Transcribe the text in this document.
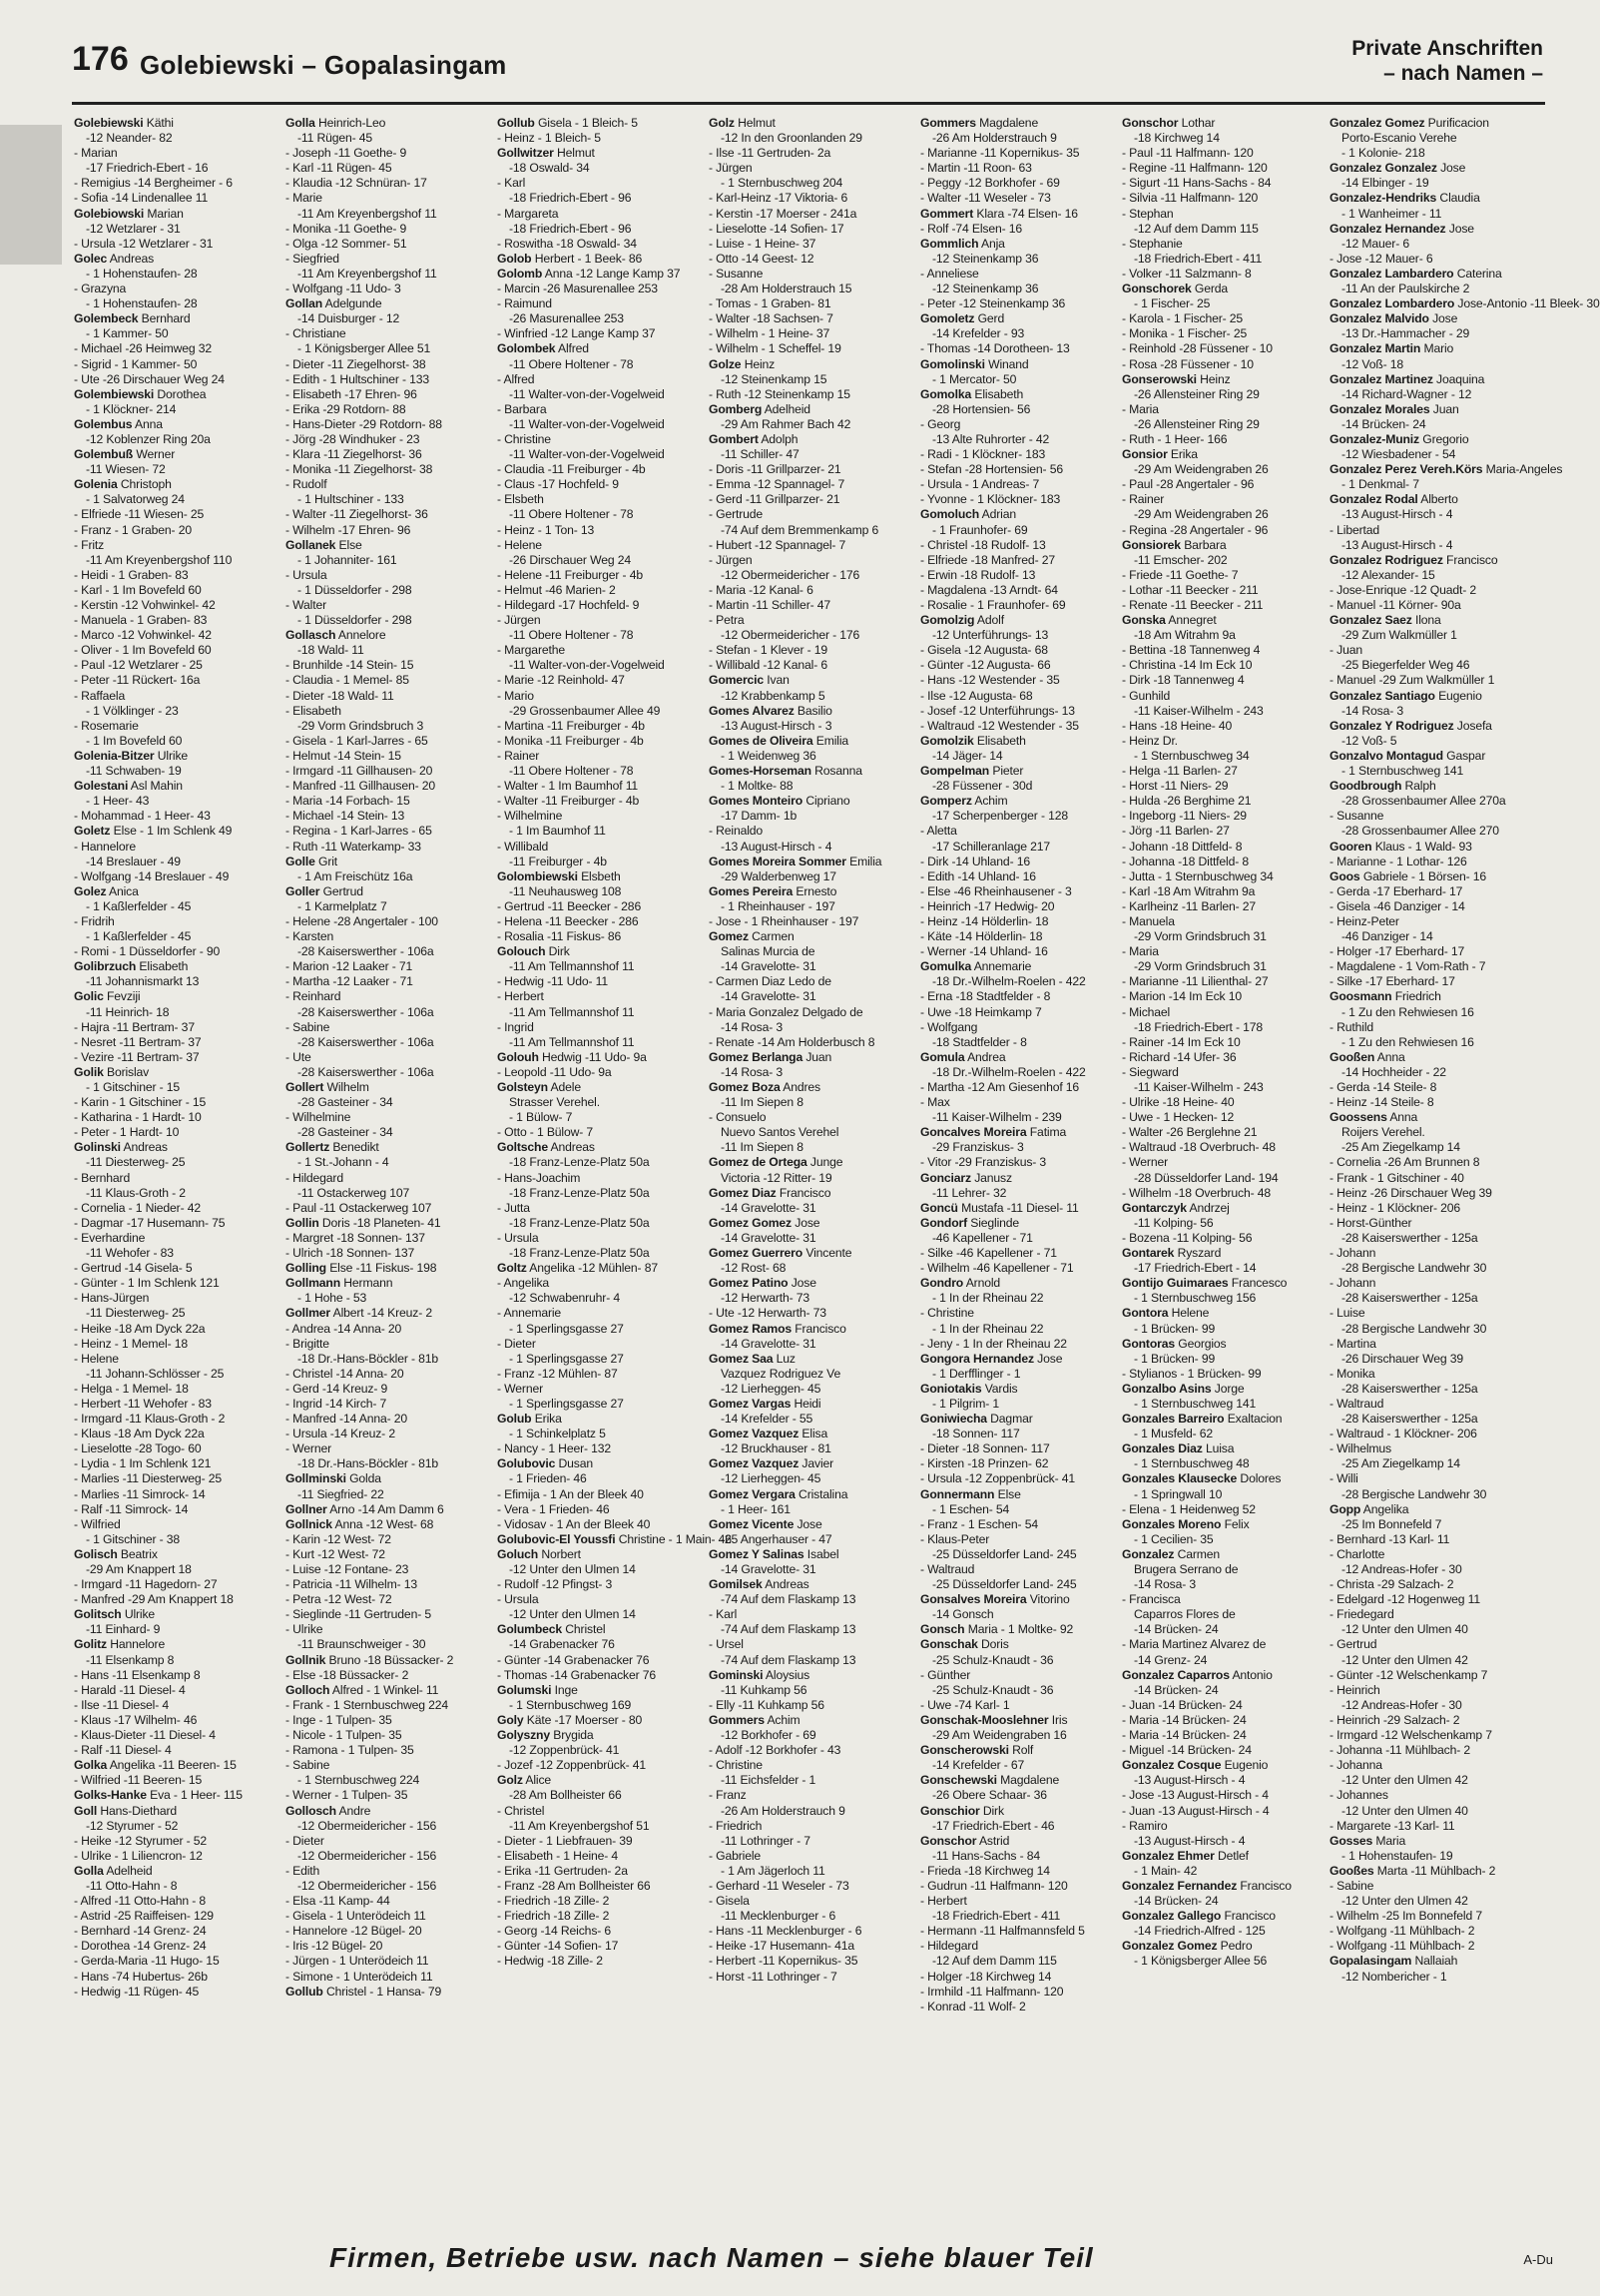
176 Golebiewski – Gopalasingam
Private Anschriften
– nach Namen –
Golebiewski Käthi
-12 Neander- 82
- Marian
-17 Friedrich-Ebert - 16
- Remigius -14 Bergheimer - 6
- Sofia -14 Lindenallee 11
Golebiowski Marian
-12 Wetzlarer - 31
- Ursula -12 Wetzlarer - 31
Golec Andreas
- 1 Hohenstaufen- 28
- Grazyna
- 1 Hohenstaufen- 28
Golembeck Bernhard
- 1 Kammer- 50
- Michael -26 Heimweg 32
- Sigrid - 1 Kammer- 50
- Ute -26 Dirschauer Weg 24
Golembiewski Dorothea
- 1 Klöckner- 214
Golembus Anna
-12 Koblenzer Ring 20a
Golembuß Werner
-11 Wiesen- 72
Golenia Christoph
- 1 Salvatorweg 24
- Elfriede -11 Wiesen- 25
- Franz - 1 Graben- 20
- Fritz
-11 Am Kreyenbergshof 110
- Heidi - 1 Graben- 83
- Karl - 1 Im Bovefeld 60
- Kerstin -12 Vohwinkel- 42
- Manuela - 1 Graben- 83
- Marco -12 Vohwinkel- 42
- Oliver - 1 Im Bovefeld 60
- Paul -12 Wetzlarer - 25
- Peter -11 Rückert- 16a
- Raffaela
- 1 Völklinger - 23
- Rosemarie
- 1 Im Bovefeld 60
Golenia-Bitzer Ulrike
-11 Schwaben- 19
Golestani Asl Mahin
- 1 Heer- 43
- Mohammad - 1 Heer- 43
Goletz Else - 1 Im Schlenk 49
- Hannelore
-14 Breslauer - 49
- Wolfgang -14 Breslauer - 49
Golez Anica
- 1 Kaßlerfelder - 45
- Fridrih
- 1 Kaßlerfelder - 45
- Romi - 1 Düsseldorfer - 90
Golibrzuch Elisabeth
-11 Johannismarkt 13
Golic Fevziji
-11 Heinrich- 18
- Hajra -11 Bertram- 37
- Nesret -11 Bertram- 37
- Vezire -11 Bertram- 37
Golik Borislav
- 1 Gitschiner - 15
- Karin - 1 Gitschiner - 15
- Katharina - 1 Hardt- 10
- Peter - 1 Hardt- 10
Golinski Andreas
-11 Diesterweg- 25
- Bernhard
-11 Klaus-Groth - 2
- Cornelia - 1 Nieder- 42
- Dagmar -17 Husemann- 75
- Everhardine
-11 Wehofer - 83
- Gertrud -14 Gisela- 5
- Günter - 1 Im Schlenk 121
- Hans-Jürgen
-11 Diesterweg- 25
- Heike -18 Am Dyck 22a
- Heinz - 1 Memel- 18
- Helene
-11 Johann-Schlösser - 25
- Helga - 1 Memel- 18
- Herbert -11 Wehofer - 83
- Irmgard -11 Klaus-Groth - 2
- Klaus -18 Am Dyck 22a
- Lieselotte -28 Togo- 60
- Lydia - 1 Im Schlenk 121
- Marlies -11 Diesterweg- 25
- Marlies -11 Simrock- 14
- Ralf -11 Simrock- 14
- Wilfried
- 1 Gitschiner - 38
Golisch Beatrix
-29 Am Knappert 18
- Irmgard -11 Hagedorn- 27
- Manfred -29 Am Knappert 18
Golitsch Ulrike
-11 Einhard- 9
Golitz Hannelore
-11 Elsenkamp 8
- Hans -11 Elsenkamp 8
- Harald -11 Diesel- 4
- Ilse -11 Diesel- 4
- Klaus -17 Wilhelm- 46
- Klaus-Dieter -11 Diesel- 4
- Ralf -11 Diesel- 4
Golka Angelika -11 Beeren- 15
- Wilfried -11 Beeren- 15
Golks-Hanke Eva - 1 Heer- 115
Goll Hans-Diethard
-12 Styrumer - 52
- Heike -12 Styrumer - 52
- Ulrike - 1 Liliencron- 12
Golla Adelheid
-11 Otto-Hahn - 8
- Alfred -11 Otto-Hahn - 8
- Astrid -25 Raiffeisen- 129
- Bernhard -14 Grenz- 24
- Dorothea -14 Grenz- 24
- Gerda-Maria -11 Hugo- 15
- Hans -74 Hubertus- 26b
- Hedwig -11 Rügen- 45
Golla Heinrich-Leo
-11 Rügen- 45
- Joseph -11 Goethe- 9
- Karl -11 Rügen- 45
- Klaudia -12 Schnüran- 17
- Marie
-11 Am Kreyenbergshof 11
- Monika -11 Goethe- 9
- Olga -12 Sommer- 51
- Siegfried
-11 Am Kreyenbergshof 11
- Wolfgang -11 Udo- 3
Gollan Adelgunde
-14 Duisburger - 12
- Christiane
- 1 Königsberger Allee 51
- Dieter -11 Ziegelhorst- 38
- Edith - 1 Hultschiner - 133
- Elisabeth -17 Ehren- 96
- Erika -29 Rotdorn- 88
- Hans-Dieter -29 Rotdorn- 88
- Jörg -28 Windhuker - 23
- Klara -11 Ziegelhorst- 36
- Monika -11 Ziegelhorst- 38
- Rudolf
- 1 Hultschiner - 133
- Walter -11 Ziegelhorst- 36
- Wilhelm -17 Ehren- 96
Gollanek Else
- 1 Johanniter- 161
- Ursula
- 1 Düsseldorfer - 298
- Walter
- 1 Düsseldorfer - 298
Gollasch Annelore
-18 Wald- 11
- Brunhilde -14 Stein- 15
- Claudia - 1 Memel- 85
- Dieter -18 Wald- 11
- Elisabeth
-29 Vorm Grindsbruch 3
- Gisela - 1 Karl-Jarres - 65
- Helmut -14 Stein- 15
- Irmgard -11 Gillhausen- 20
- Manfred -11 Gillhausen- 20
- Maria -14 Forbach- 15
- Michael -14 Stein- 13
- Regina - 1 Karl-Jarres - 65
- Ruth -11 Waterkamp- 33
Golle Grit
- 1 Am Freischütz 16a
Goller Gertrud
- 1 Karmelplatz 7
- Helene -28 Angertaler - 100
- Karsten
-28 Kaiserswerther - 106a
- Marion -12 Laaker - 71
- Martha -12 Laaker - 71
- Reinhard
-28 Kaiserswerther - 106a
- Sabine
-28 Kaiserswerther - 106a
- Ute
-28 Kaiserswerther - 106a
Gollert Wilhelm
-28 Gasteiner - 34
- Wilhelmine
-28 Gasteiner - 34
Gollertz Benedikt
- 1 St.-Johann - 4
- Hildegard
-11 Ostackerweg 107
- Paul -11 Ostackerweg 107
Gollin Doris -18 Planeten- 41
- Margret -18 Sonnen- 137
- Ulrich -18 Sonnen- 137
Golling Else -11 Fiskus- 198
Gollmann Hermann
- 1 Hohe - 53
Gollmer Albert -14 Kreuz- 2
- Andrea -14 Anna- 20
- Brigitte
-18 Dr.-Hans-Böckler - 81b
- Christel -14 Anna- 20
- Gerd -14 Kreuz- 9
- Ingrid -14 Kirch- 7
- Manfred -14 Anna- 20
- Ursula -14 Kreuz- 2
- Werner
-18 Dr.-Hans-Böckler - 81b
Gollminski Golda
-11 Siegfried- 22
Gollner Arno -14 Am Damm 6
Gollnick Anna -12 West- 68
- Karin -12 West- 72
- Kurt -12 West- 72
- Luise -12 Fontane- 23
- Patricia -11 Wilhelm- 13
- Petra -12 West- 72
- Sieglinde -11 Gertruden- 5
- Ulrike
-11 Braunschweiger - 30
Gollnik Bruno -18 Büssacker- 2
- Else -18 Büssacker- 2
Golloch Alfred - 1 Winkel- 11
- Frank - 1 Sternbuschweg 224
- Inge - 1 Tulpen- 35
- Nicole - 1 Tulpen- 35
- Ramona - 1 Tulpen- 35
- Sabine
- 1 Sternbuschweg 224
- Werner - 1 Tulpen- 35
Gollosch Andre
-12 Obermeidericher - 156
- Dieter
-12 Obermeidericher - 156
- Edith
-12 Obermeidericher - 156
- Elsa -11 Kamp- 44
- Gisela - 1 Unterödeich 11
- Hannelore -12 Bügel- 20
- Iris -12 Bügel- 20
- Jürgen - 1 Unterödeich 11
- Simone - 1 Unterödeich 11
Gollub Christel - 1 Hansa- 79
Gollub Gisela - 1 Bleich- 5
- Heinz - 1 Bleich- 5
Gollwitzer Helmut
-18 Oswald- 34
- Karl
-18 Friedrich-Ebert - 96
- Margareta
-18 Friedrich-Ebert - 96
- Roswitha -18 Oswald- 34
Golob Herbert - 1 Beek- 86
Golomb Anna -12 Lange Kamp 37
- Marcin -26 Masurenallee 253
- Raimund
-26 Masurenallee 253
- Winfried -12 Lange Kamp 37
Golombek Alfred
-11 Obere Holtener - 78
- Alfred
-11 Walter-von-der-Vogelweid
- Barbara
-11 Walter-von-der-Vogelweid
- Christine
-11 Walter-von-der-Vogelweid
- Claudia -11 Freiburger - 4b
- Claus -17 Hochfeld- 9
- Elsbeth
-11 Obere Holtener - 78
- Heinz - 1 Ton- 13
- Helene
-26 Dirschauer Weg 24
- Helene -11 Freiburger - 4b
- Helmut -46 Marien- 2
- Hildegard -17 Hochfeld- 9
- Jürgen
-11 Obere Holtener - 78
- Margarethe
-11 Walter-von-der-Vogelweid
- Marie -12 Reinhold- 47
- Mario
-29 Grossenbaumer Allee 49
- Martina -11 Freiburger - 4b
- Monika -11 Freiburger - 4b
- Rainer
-11 Obere Holtener - 78
- Walter - 1 Im Baumhof 11
- Walter -11 Freiburger - 4b
- Wilhelmine
- 1 Im Baumhof 11
- Willibald
-11 Freiburger - 4b
Golombiewski Elsbeth
-11 Neuhausweg 108
- Gertrud -11 Beecker - 286
- Helena -11 Beecker - 286
- Rosalia -11 Fiskus- 86
Golouch Dirk
-11 Am Tellmannshof 11
- Hedwig -11 Udo- 11
- Herbert
-11 Am Tellmannshof 11
- Ingrid
-11 Am Tellmannshof 11
Golouh Hedwig -11 Udo- 9a
- Leopold -11 Udo- 9a
Golsteyn Adele
Strasser Verehel.
- 1 Bülow- 7
- Otto - 1 Bülow- 7
Goltsche Andreas
-18 Franz-Lenze-Platz 50a
- Hans-Joachim
-18 Franz-Lenze-Platz 50a
- Jutta
-18 Franz-Lenze-Platz 50a
- Ursula
-18 Franz-Lenze-Platz 50a
Goltz Angelika -12 Mühlen- 87
- Angelika
-12 Schwabenruhr- 4
- Annemarie
- 1 Sperlingsgasse 27
- Dieter
- 1 Sperlingsgasse 27
- Franz -12 Mühlen- 87
- Werner
- 1 Sperlingsgasse 27
Golub Erika
- 1 Schinkelplatz 5
- Nancy - 1 Heer- 132
Golubovic Dusan
- 1 Frieden- 46
- Efimija - 1 An der Bleek 40
- Vera - 1 Frieden- 46
- Vidosav - 1 An der Bleek 40
Golubovic-El Youssfi Christine - 1 Main- 46
Goluch Norbert
-12 Unter den Ulmen 14
- Rudolf -12 Pfingst- 3
- Ursula
-12 Unter den Ulmen 14
Golumbeck Christel
-14 Grabenacker 76
- Günter -14 Grabenacker 76
- Thomas -14 Grabenacker 76
Golumski Inge
- 1 Sternbuschweg 169
Goly Käte -17 Moerser - 80
Golyszny Brygida
-12 Zoppenbrück- 41
- Jozef -12 Zoppenbrück- 41
Golz Alice
-28 Am Bollheister 66
- Christel
-11 Am Kreyenbergshof 51
- Dieter - 1 Liebfrauen- 39
- Elisabeth - 1 Heine- 4
- Erika -11 Gertruden- 2a
- Franz -28 Am Bollheister 66
- Friedrich -18 Zille- 2
- Friedrich -18 Zille- 2
- Georg -14 Reichs- 6
- Günter -14 Sofien- 17
- Hedwig -18 Zille- 2
Golz Helmut
-12 In den Groonlanden 29
- Ilse -11 Gertruden- 2a
- Jürgen
- 1 Sternbuschweg 204
- Karl-Heinz -17 Viktoria- 6
- Kerstin -17 Moerser - 241a
- Lieselotte -14 Sofien- 17
- Luise - 1 Heine- 37
- Otto -14 Geest- 12
- Susanne
-28 Am Holderstrauch 15
- Tomas - 1 Graben- 81
- Walter -18 Sachsen- 7
- Wilhelm - 1 Heine- 37
- Wilhelm - 1 Scheffel- 19
Golze Heinz
-12 Steinenkamp 15
- Ruth -12 Steinenkamp 15
Gomberg Adelheid
-29 Am Rahmer Bach 42
Gombert Adolph
-11 Schiller- 47
- Doris -11 Grillparzer- 21
- Emma -12 Spannagel- 7
- Gerd -11 Grillparzer- 21
- Gertrude
-74 Auf dem Bremmenkamp 6
- Hubert -12 Spannagel- 7
- Jürgen
-12 Obermeidericher - 176
- Maria -12 Kanal- 6
- Martin -11 Schiller- 47
- Petra
-12 Obermeidericher - 176
- Stefan - 1 Klever - 19
- Willibald -12 Kanal- 6
Gomercic Ivan
-12 Krabbenkamp 5
Gomes Alvarez Basilio
-13 August-Hirsch - 3
Gomes de Oliveira Emilia
- 1 Weidenweg 36
Gomes-Horseman Rosanna
- 1 Moltke- 88
Gomes Monteiro Cipriano
-17 Damm- 1b
- Reinaldo
-13 August-Hirsch - 4
Gomes Moreira Sommer Emilia
-29 Walderbenweg 17
Gomes Pereira Ernesto
- 1 Rheinhauser - 197
- Jose - 1 Rheinhauser - 197
Gomez Carmen
Salinas Murcia de
-14 Gravelotte- 31
- Carmen Diaz Ledo de
-14 Gravelotte- 31
- Maria Gonzalez Delgado de
-14 Rosa- 3
- Renate -14 Am Holderbusch 8
Gomez Berlanga Juan
-14 Rosa- 3
Gomez Boza Andres
-11 Im Siepen 8
- Consuelo
Nuevo Santos Verehel
-11 Im Siepen 8
Gomez de Ortega Junge
Victoria -12 Ritter- 19
Gomez Diaz Francisco
-14 Gravelotte- 31
Gomez Gomez Jose
-14 Gravelotte- 31
Gomez Guerrero Vincente
-12 Rost- 68
Gomez Patino Jose
-12 Herwarth- 73
- Ute -12 Herwarth- 73
Gomez Ramos Francisco
-14 Gravelotte- 31
Gomez Saa Luz
Vazquez Rodriguez Ve
-12 Lierheggen- 45
Gomez Vargas Heidi
-14 Krefelder - 55
Gomez Vazquez Elisa
-12 Bruckhauser - 81
Gomez Vazquez Javier
-12 Lierheggen- 45
Gomez Vergara Cristalina
- 1 Heer- 161
Gomez Vicente Jose
-25 Angerhauser - 47
Gomez Y Salinas Isabel
-14 Gravelotte- 31
Gomilsek Andreas
-74 Auf dem Flaskamp 13
- Karl
-74 Auf dem Flaskamp 13
- Ursel
-74 Auf dem Flaskamp 13
Gominski Aloysius
-11 Kuhkamp 56
- Elly -11 Kuhkamp 56
Gommers Achim
-12 Borkhofer - 69
- Adolf -12 Borkhofer - 43
- Christine
-11 Eichsfelder - 1
- Franz
-26 Am Holderstrauch 9
- Friedrich
-11 Lothringer - 7
- Gabriele
- 1 Am Jägerloch 11
- Gerhard -11 Weseler - 73
- Gisela
-11 Mecklenburger - 6
- Hans -11 Mecklenburger - 6
- Heike -17 Husemann- 41a
- Herbert -11 Kopernikus- 35
- Horst -11 Lothringer - 7
Gommers Magdalene
-26 Am Holderstrauch 9
- Marianne -11 Kopernikus- 35
- Martin -11 Roon- 63
- Peggy -12 Borkhofer - 69
- Walter -11 Weseler - 73
Gommert Klara -74 Elsen- 16
- Rolf -74 Elsen- 16
Gommlich Anja
-12 Steinenkamp 36
- Anneliese
-12 Steinenkamp 36
- Peter -12 Steinenkamp 36
Gomoletz Gerd
-14 Krefelder - 93
- Thomas -14 Dorotheen- 13
Gomolinski Winand
- 1 Mercator- 50
Gomolka Elisabeth
-28 Hortensien- 56
- Georg
-13 Alte Ruhrorter - 42
- Radi - 1 Klöckner- 183
- Stefan -28 Hortensien- 56
- Ursula - 1 Andreas- 7
- Yvonne - 1 Klöckner- 183
Gomoluch Adrian
- 1 Fraunhofer- 69
- Christel -18 Rudolf- 13
- Elfriede -18 Manfred- 27
- Erwin -18 Rudolf- 13
- Magdalena -13 Arndt- 64
- Rosalie - 1 Fraunhofer- 69
Gomolzig Adolf
-12 Unterführungs- 13
- Gisela -12 Augusta- 68
- Günter -12 Augusta- 66
- Hans -12 Westender - 35
- Ilse -12 Augusta- 68
- Josef -12 Unterführungs- 13
- Waltraud -12 Westender - 35
Gomolzik Elisabeth
-14 Jäger- 14
Gompelman Pieter
-28 Füssener - 30d
Gomperz Achim
-17 Scherpenberger - 128
- Aletta
-17 Schilleranlage 217
- Dirk -14 Uhland- 16
- Edith -14 Uhland- 16
- Else -46 Rheinhausener - 3
- Heinrich -17 Hedwig- 20
- Heinz -14 Hölderlin- 18
- Käte -14 Hölderlin- 18
- Werner -14 Uhland- 16
Gomulka Annemarie
-18 Dr.-Wilhelm-Roelen - 422
- Erna -18 Stadtfelder - 8
- Uwe -18 Heimkamp 7
- Wolfgang
-18 Stadtfelder - 8
Gomula Andrea
-18 Dr.-Wilhelm-Roelen - 422
- Martha -12 Am Giesenhof 16
- Max
-11 Kaiser-Wilhelm - 239
Goncalves Moreira Fatima
-29 Franziskus- 3
- Vitor -29 Franziskus- 3
Gonciarz Janusz
-11 Lehrer- 32
Goncü Mustafa -11 Diesel- 11
Gondorf Sieglinde
-46 Kapellener - 71
- Silke -46 Kapellener - 71
- Wilhelm -46 Kapellener - 71
Gondro Arnold
- 1 In der Rheinau 22
- Christine
- 1 In der Rheinau 22
- Jeny - 1 In der Rheinau 22
Gongora Hernandez Jose
- 1 Derfflinger - 1
Goniotakis Vardis
- 1 Pilgrim- 1
Goniwiecha Dagmar
-18 Sonnen- 117
- Dieter -18 Sonnen- 117
- Kirsten -18 Prinzen- 62
- Ursula -12 Zoppenbrück- 41
Gonnermann Else
- 1 Eschen- 54
- Franz - 1 Eschen- 54
- Klaus-Peter
-25 Düsseldorfer Land- 245
- Waltraud
-25 Düsseldorfer Land- 245
Gonsalves Moreira Vitorino
-14 Gonsch
Gonsch Maria - 1 Moltke- 92
Gonschak Doris
-25 Schulz-Knaudt - 36
- Günther
-25 Schulz-Knaudt - 36
- Uwe -74 Karl- 1
Gonschak-Mooslehner Iris
-29 Am Weidengraben 16
Gonscherowski Rolf
-14 Krefelder - 67
Gonschewski Magdalene
-26 Obere Schaar- 36
Gonschior Dirk
-17 Friedrich-Ebert - 46
Gonschor Astrid
-11 Hans-Sachs - 84
- Frieda -18 Kirchweg 14
- Gudrun -11 Halfmann- 120
- Herbert
-18 Friedrich-Ebert - 411
- Hermann -11 Halfmannsfeld 5
- Hildegard
-12 Auf dem Damm 115
- Holger -18 Kirchweg 14
- Irmhild -11 Halfmann- 120
- Konrad -11 Wolf- 2
Gonschor Lothar
-18 Kirchweg 14
- Paul -11 Halfmann- 120
- Regine -11 Halfmann- 120
- Sigurt -11 Hans-Sachs - 84
- Silvia -11 Halfmann- 120
- Stephan
-12 Auf dem Damm 115
- Stephanie
-18 Friedrich-Ebert - 411
- Volker -11 Salzmann- 8
Gonschorek Gerda
- 1 Fischer- 25
- Karola - 1 Fischer- 25
- Monika - 1 Fischer- 25
- Reinhold -28 Füssener - 10
- Rosa -28 Füssener - 10
Gonserowski Heinz
-26 Allensteiner Ring 29
- Maria
-26 Allensteiner Ring 29
- Ruth - 1 Heer- 166
Gonsior Erika
-29 Am Weidengraben 26
- Paul -28 Angertaler - 96
- Rainer
-29 Am Weidengraben 26
- Regina -28 Angertaler - 96
Gonsiorek Barbara
-11 Emscher- 202
- Friede -11 Goethe- 7
- Lothar -11 Beecker - 211
- Renate -11 Beecker - 211
Gonska Annegret
-18 Am Witrahm 9a
- Bettina -18 Tannenweg 4
- Christina -14 Im Eck 10
- Dirk -18 Tannenweg 4
- Gunhild
-11 Kaiser-Wilhelm - 243
- Hans -18 Heine- 40
- Heinz Dr.
- 1 Sternbuschweg 34
- Helga -11 Barlen- 27
- Horst -11 Niers- 29
- Hulda -26 Berghime 21
- Ingeborg -11 Niers- 29
- Jörg -11 Barlen- 27
- Johann -18 Dittfeld- 8
- Johanna -18 Dittfeld- 8
- Jutta - 1 Sternbuschweg 34
- Karl -18 Am Witrahm 9a
- Karlheinz -11 Barlen- 27
- Manuela
-29 Vorm Grindsbruch 31
- Maria
-29 Vorm Grindsbruch 31
- Marianne -11 Lilienthal- 27
- Marion -14 Im Eck 10
- Michael
-18 Friedrich-Ebert - 178
- Rainer -14 Im Eck 10
- Richard -14 Ufer- 36
- Siegward
-11 Kaiser-Wilhelm - 243
- Ulrike -18 Heine- 40
- Uwe - 1 Hecken- 12
- Walter -26 Berglehne 21
- Waltraud -18 Overbruch- 48
- Werner
-28 Düsseldorfer Land- 194
- Wilhelm -18 Overbruch- 48
Gontarczyk Andrzej
-11 Kolping- 56
- Bozena -11 Kolping- 56
Gontarek Ryszard
-17 Friedrich-Ebert - 14
Gontijo Guimaraes Francesco
- 1 Sternbuschweg 156
Gontora Helene
- 1 Brücken- 99
Gontoras Georgios
- 1 Brücken- 99
- Stylianos - 1 Brücken- 99
Gonzalbo Asins Jorge
- 1 Sternbuschweg 141
Gonzales Barreiro Exaltacion
- 1 Musfeld- 62
Gonzales Diaz Luisa
- 1 Sternbuschweg 48
Gonzales Klausecke Dolores
- 1 Springwall 10
- Elena - 1 Heidenweg 52
Gonzales Moreno Felix
- 1 Cecilien- 35
Gonzalez Carmen
Brugera Serrano de
-14 Rosa- 3
- Francisca
Caparros Flores de
-14 Brücken- 24
- Maria Martinez Alvarez de
-14 Grenz- 24
Gonzalez Caparros Antonio
-14 Brücken- 24
- Juan -14 Brücken- 24
- Maria -14 Brücken- 24
- Maria -14 Brücken- 24
- Miguel -14 Brücken- 24
Gonzalez Cosque Eugenio
-13 August-Hirsch - 4
- Jose -13 August-Hirsch - 4
- Juan -13 August-Hirsch - 4
- Ramiro
-13 August-Hirsch - 4
Gonzalez Ehmer Detlef
- 1 Main- 42
Gonzalez Fernandez Francisco
-14 Brücken- 24
Gonzalez Gallego Francisco
-14 Friedrich-Alfred - 125
Gonzalez Gomez Pedro
- 1 Königsberger Allee 56
Gonzalez Gomez Purificacion
Porto-Escanio Verehe
- 1 Kolonie- 218
Gonzalez Gonzalez Jose
-14 Elbinger - 19
Gonzalez-Hendriks Claudia
- 1 Wanheimer - 11
Gonzalez Hernandez Jose
-12 Mauer- 6
- Jose -12 Mauer- 6
Gonzalez Lambardero Caterina
-11 An der Paulskirche 2
Gonzalez Lombardero Jose-Antonio -11 Bleek- 30
Gonzalez Malvido Jose
-13 Dr.-Hammacher - 29
Gonzalez Martin Mario
-12 Voß- 18
Gonzalez Martinez Joaquina
-14 Richard-Wagner - 12
Gonzalez Morales Juan
-14 Brücken- 24
Gonzalez-Muniz Gregorio
-12 Wiesbadener - 54
Gonzalez Perez Vereh.Körs Maria-Angeles
- 1 Denkmal- 7
Gonzalez Rodal Alberto
-13 August-Hirsch - 4
- Libertad
-13 August-Hirsch - 4
Gonzalez Rodriguez Francisco
-12 Alexander- 15
- Jose-Enrique -12 Quadt- 2
- Manuel -11 Körner- 90a
Gonzalez Saez Ilona
-29 Zum Walkmüller 1
- Juan
-25 Biegerfelder Weg 46
- Manuel -29 Zum Walkmüller 1
Gonzalez Santiago Eugenio
-14 Rosa- 3
Gonzalez Y Rodriguez Josefa
-12 Voß- 5
Gonzalvo Montagud Gaspar
- 1 Sternbuschweg 141
Goodbrough Ralph
-28 Grossenbaumer Allee 270a
- Susanne
-28 Grossenbaumer Allee 270
Gooren Klaus - 1 Wald- 93
- Marianne - 1 Lothar- 126
Goos Gabriele - 1 Börsen- 16
- Gerda -17 Eberhard- 17
- Gisela -46 Danziger - 14
- Heinz-Peter
-46 Danziger - 14
- Holger -17 Eberhard- 17
- Magdalene - 1 Vom-Rath - 7
- Silke -17 Eberhard- 17
Goosmann Friedrich
- 1 Zu den Rehwiesen 16
- Ruthild
- 1 Zu den Rehwiesen 16
Gooßen Anna
-14 Hochheider - 22
- Gerda -14 Steile- 8
- Heinz -14 Steile- 8
Goossens Anna
Roijers Verehel.
-25 Am Ziegelkamp 14
- Cornelia -26 Am Brunnen 8
- Frank - 1 Gitschiner - 40
- Heinz -26 Dirschauer Weg 39
- Heinz - 1 Klöckner- 206
- Horst-Günther
-28 Kaiserswerther - 125a
- Johann
-28 Bergische Landwehr 30
- Johann
-28 Kaiserswerther - 125a
- Luise
-28 Bergische Landwehr 30
- Martina
-26 Dirschauer Weg 39
- Monika
-28 Kaiserswerther - 125a
- Waltraud
-28 Kaiserswerther - 125a
- Waltraud - 1 Klöckner- 206
- Wilhelmus
-25 Am Ziegelkamp 14
- Willi
-28 Bergische Landwehr 30
Gopp Angelika
-25 Im Bonnefeld 7
- Bernhard -13 Karl- 11
- Charlotte
-12 Andreas-Hofer - 30
- Christa -29 Salzach- 2
- Edelgard -12 Hogenweg 11
- Friedegard
-12 Unter den Ulmen 40
- Gertrud
-12 Unter den Ulmen 42
- Günter -12 Welschenkamp 7
- Heinrich
-12 Andreas-Hofer - 30
- Heinrich -29 Salzach- 2
- Irmgard -12 Welschenkamp 7
- Johanna -11 Mühlbach- 2
- Johanna
-12 Unter den Ulmen 42
- Johannes
-12 Unter den Ulmen 40
- Margarete -13 Karl- 11
Gosses Maria
- 1 Hohenstaufen- 19
Gooßes Marta -11 Mühlbach- 2
- Sabine
-12 Unter den Ulmen 42
- Wilhelm -25 Im Bonnefeld 7
- Wolfgang -11 Mühlbach- 2
- Wolfgang -11 Mühlbach- 2
Gopalasingam Nallaiah
-12 Nombericher - 1
Firmen, Betriebe usw. nach Namen – siehe blauer Teil	A-Du
